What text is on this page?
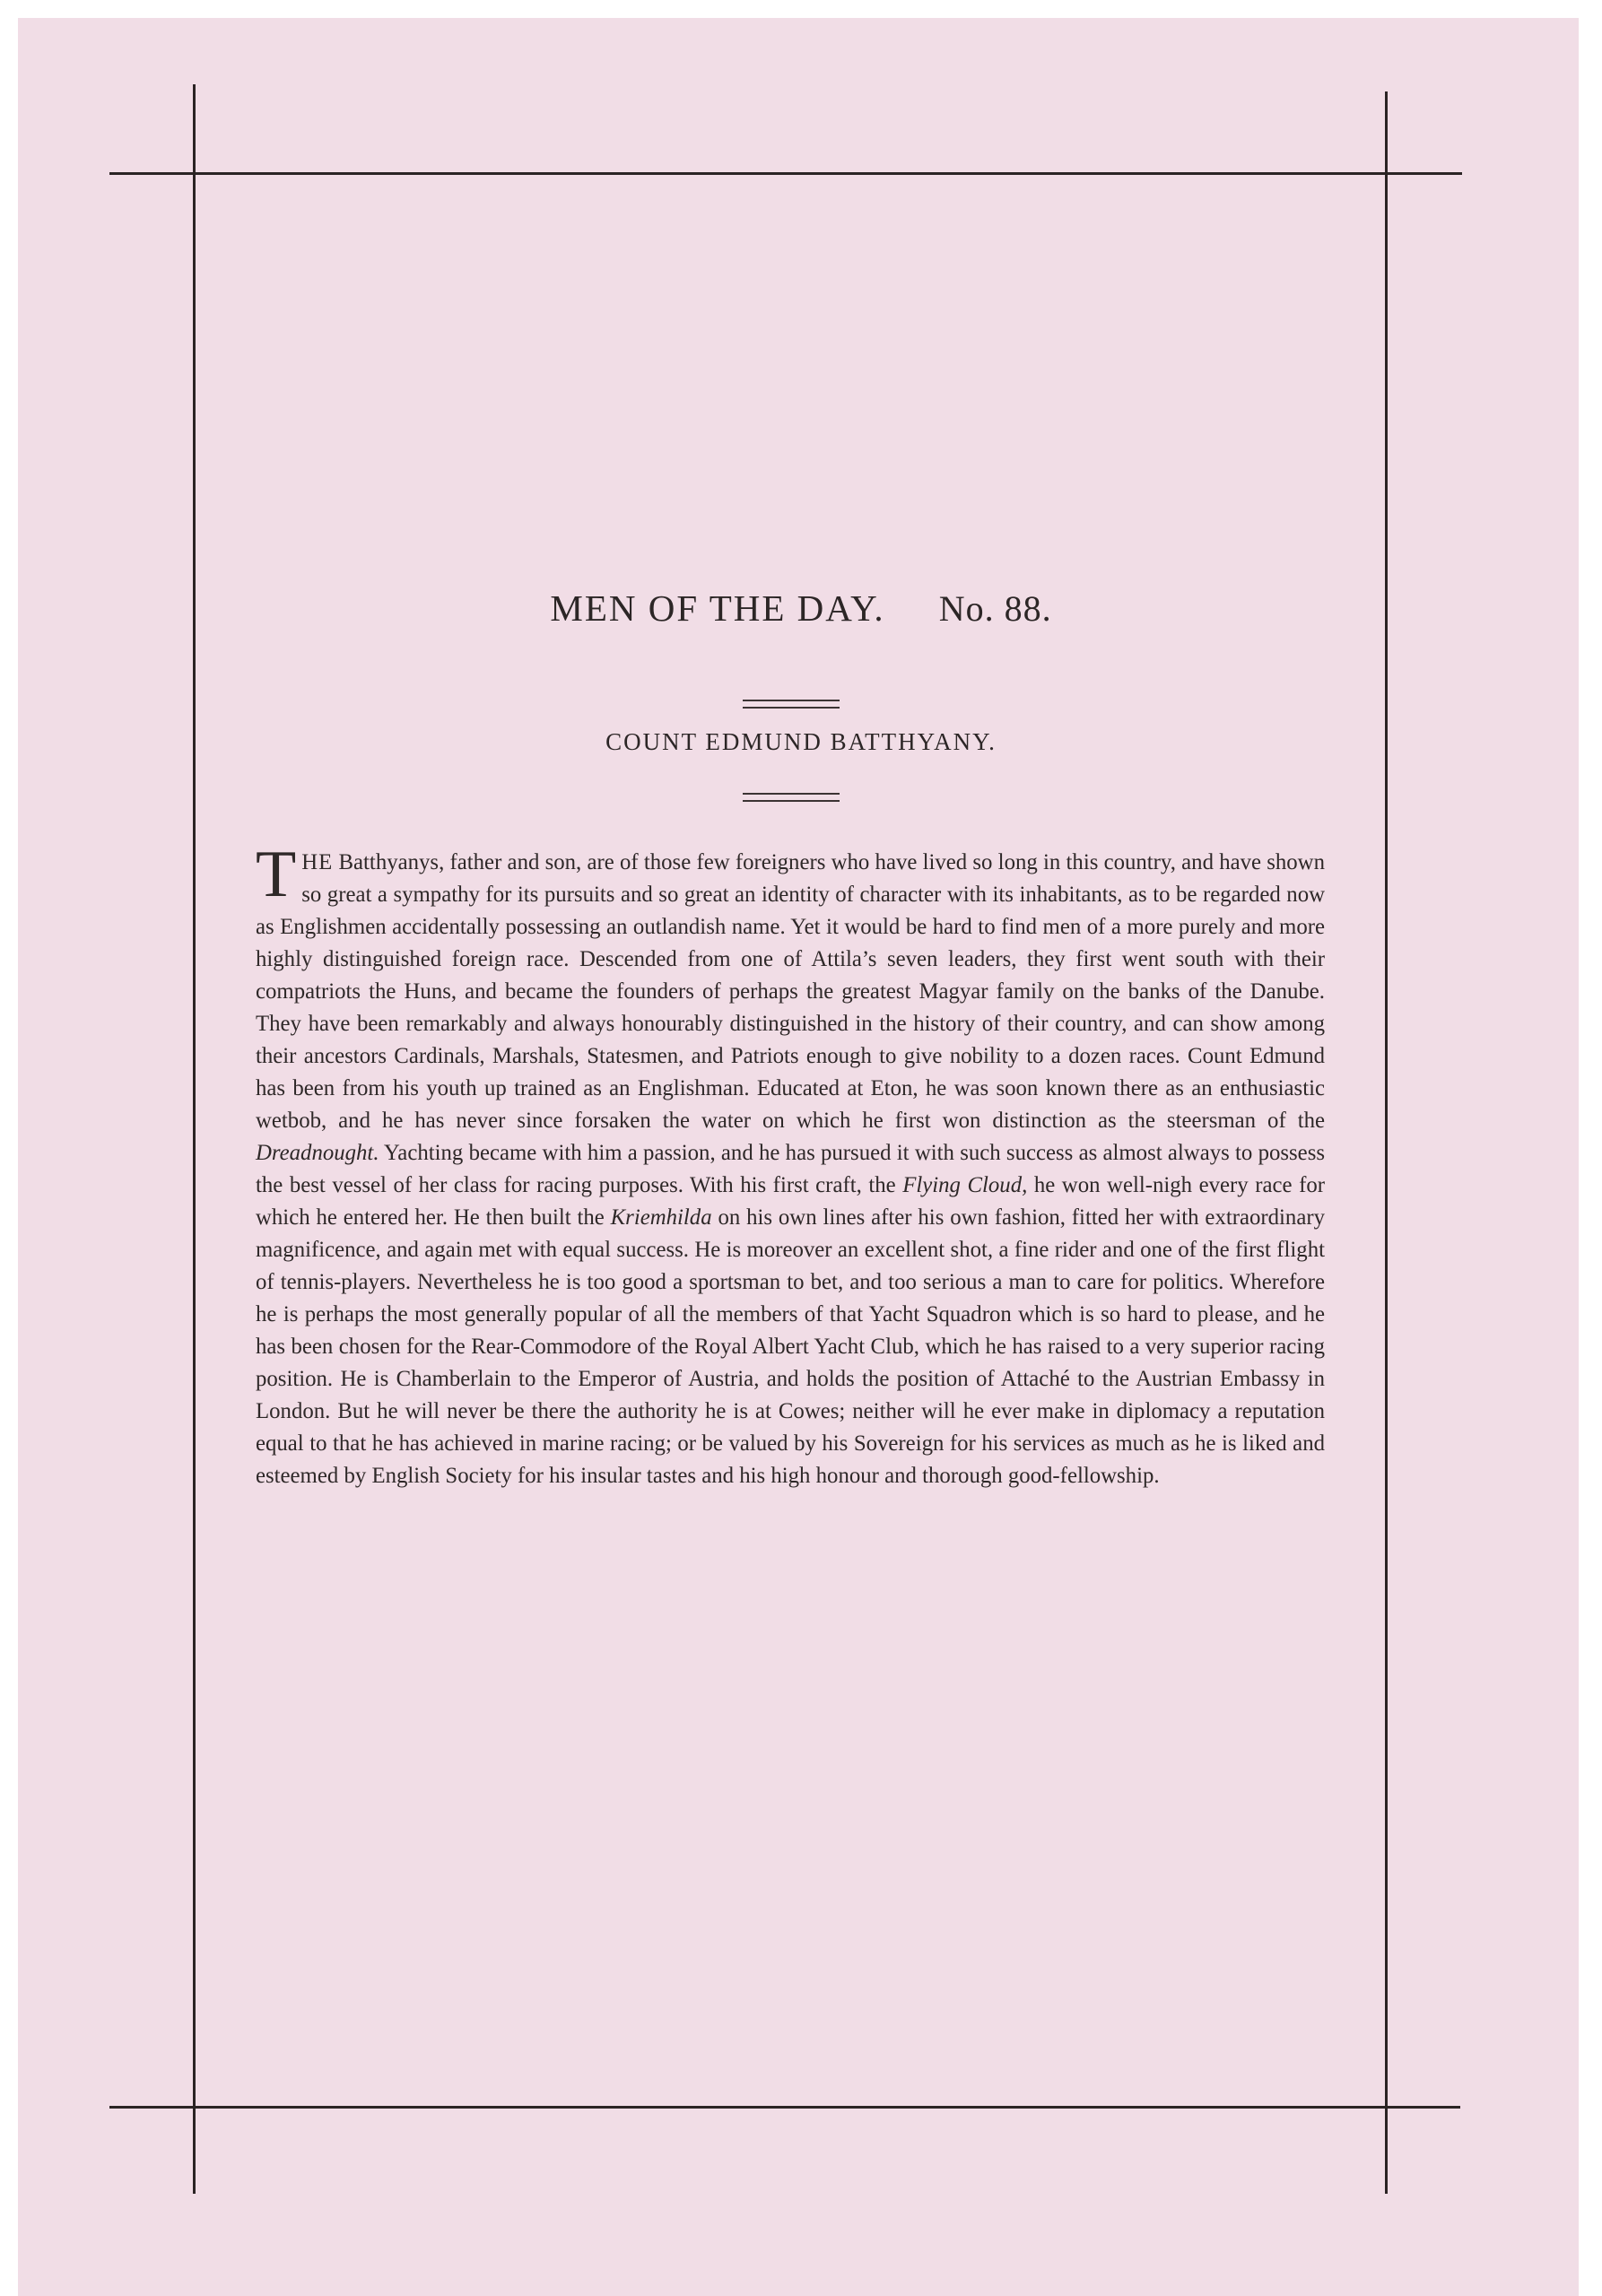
MEN OF THE DAY. No. 88.
COUNT EDMUND BATTHYANY.

THE Batthyanys, father and son, are of those few foreigners who have lived so long in this country, and have shown so great a sympathy for its pursuits and so great an identity of character with its inhabitants, as to be regarded now as Englishmen accidentally possessing an outlandish name. Yet it would be hard to find men of a more purely and more highly distinguished foreign race. Descended from one of Attila’s seven leaders, they first went south with their compatriots the Huns, and became the founders of perhaps the greatest Magyar family on the banks of the Danube. They have been remarkably and always honourably distinguished in the history of their country, and can show among their ancestors Cardinals, Marshals, Statesmen, and Patriots enough to give nobility to a dozen races. Count Edmund has been from his youth up trained as an Englishman. Educated at Eton, he was soon known there as an enthusiastic wetbob, and he has never since forsaken the water on which he first won distinction as the steersman of the Dreadnought. Yachting became with him a passion, and he has pursued it with such success as almost always to possess the best vessel of her class for racing purposes. With his first craft, the Flying Cloud, he won well-nigh every race for which he entered her. He then built the Kriemhilda on his own lines after his own fashion, fitted her with extraordinary magnificence, and again met with equal success. He is moreover an excellent shot, a fine rider and one of the first flight of tennis-players. Nevertheless he is too good a sportsman to bet, and too serious a man to care for politics. Wherefore he is perhaps the most generally popular of all the members of that Yacht Squadron which is so hard to please, and he has been chosen for the Rear-Commodore of the Royal Albert Yacht Club, which he has raised to a very superior racing position. He is Chamberlain to the Emperor of Austria, and holds the position of Attaché to the Austrian Embassy in London. But he will never be there the authority he is at Cowes; neither will he ever make in diplomacy a reputation equal to that he has achieved in marine racing; or be valued by his Sovereign for his services as much as he is liked and esteemed by English Society for his insular tastes and his high honour and thorough good-fellowship.
